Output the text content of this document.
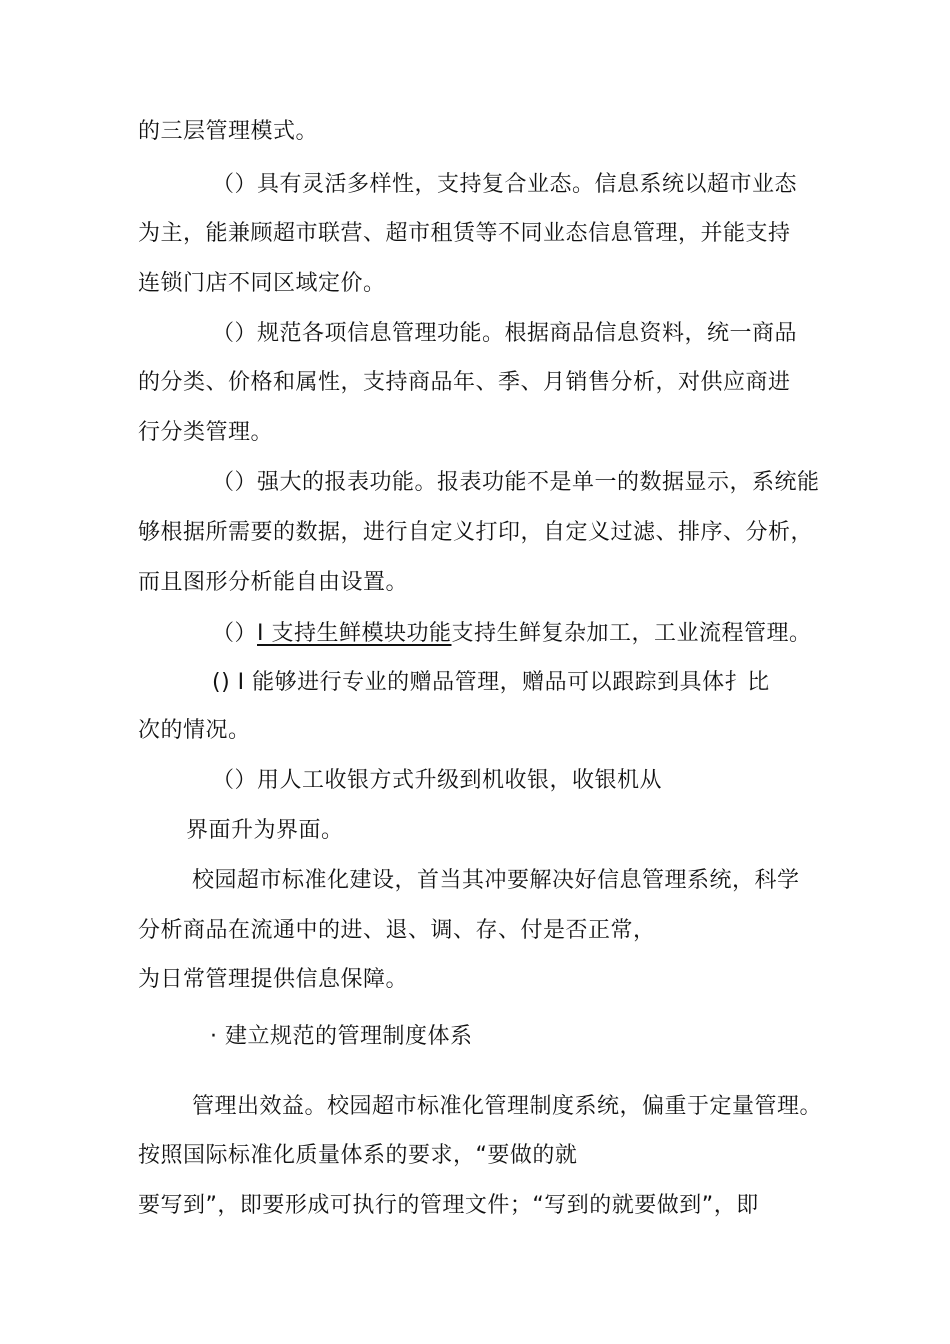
的三层管理模式。
（）具有灵活多样性，支持复合业态。信息系统以超市业态
为主，能兼顾超市联营、超市租赁等不同业态信息管理，并能支持
连锁门店不同区域定价。
（）规范各项信息管理功能。根据商品信息资料，统一商品
的分类、价格和属性，支持商品年、季、月销售分析，对供应商进
行分类管理。
（）强大的报表功能。报表功能不是单一的数据显示，系统能
够根据所需要的数据，进行自定义打印，自定义过滤、排序、分析，
而且图形分析能自由设置。
（）I 支持生鲜模块功能支持生鲜复杂加工，工业流程管理。
() I 能够进行专业的赠品管理，赠品可以跟踪到具体扌比
次的情况。
（）用人工收银方式升级到机收银，收银机从
界面升为界面。
校园超市标准化建设，首当其冲要解决好信息管理系统，科学
分析商品在流通中的进、退、调、存、付是否正常，
为日常管理提供信息保障。
· 建立规范的管理制度体系
管理出效益。校园超市标准化管理制度系统，偏重于定量管理。
按照国际标准化质量体系的要求，“要做的就
要写到”，即要形成可执行的管理文件；“写到的就要做到”，即
